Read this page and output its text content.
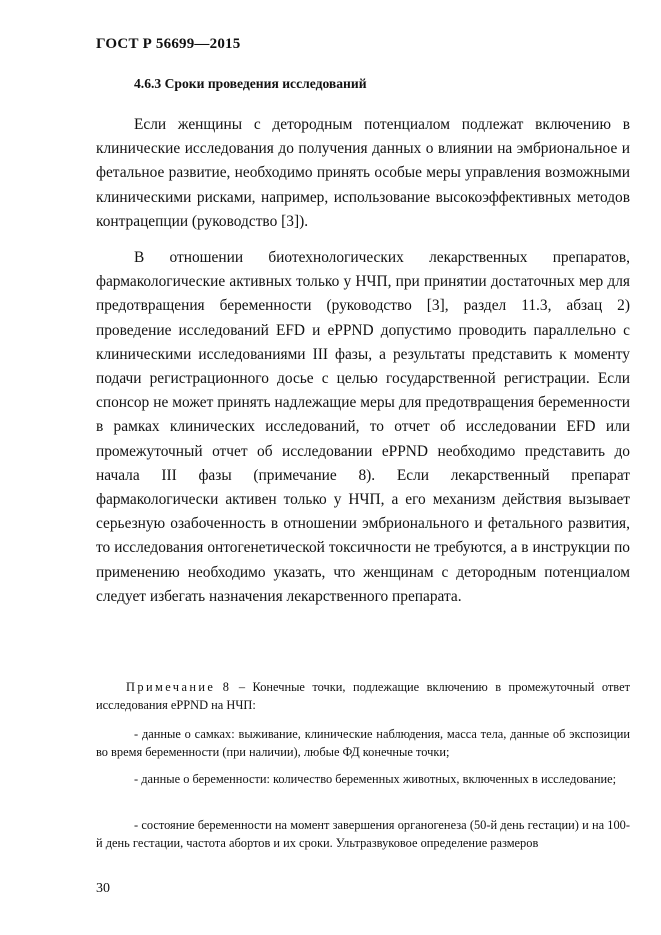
ГОСТ Р 56699—2015
4.6.3 Сроки проведения исследований

Если женщины с детородным потенциалом подлежат включению в клинические исследования до получения данных о влиянии на эмбриональное и фетальное развитие, необходимо принять особые меры управления возможными клиническими рисками, например, использование высокоэффективных методов контрацепции (руководство [3]).

В отношении биотехнологических лекарственных препаратов, фармакологические активных только у НЧП, при принятии достаточных мер для предотвращения беременности (руководство [3], раздел 11.3, абзац 2) проведение исследований EFD и ePPND допустимо проводить параллельно с клиническими исследованиями III фазы, а результаты представить к моменту подачи регистрационного досье с целью государственной регистрации. Если спонсор не может принять надлежащие меры для предотвращения беременности в рамках клинических исследований, то отчет об исследовании EFD или промежуточный отчет об исследовании ePPND необходимо представить до начала III фазы (примечание 8). Если лекарственный препарат фармакологически активен только у НЧП, а его механизм действия вызывает серьезную озабоченность в отношении эмбрионального и фетального развития, то исследования онтогенетической токсичности не требуются, а в инструкции по применению необходимо указать, что женщинам с детородным потенциалом следует избегать назначения лекарственного препарата.

Примечание 8 – Конечные точки, подлежащие включению в промежуточный ответ исследования ePPND на НЧП:

- данные о самках: выживание, клинические наблюдения, масса тела, данные об экспозиции во время беременности (при наличии), любые ФД конечные точки;

- данные о беременности: количество беременных животных, включенных в исследование;

- состояние беременности на момент завершения органогенеза (50-й день гестации) и на 100-й день гестации, частота абортов и их сроки. Ультразвуковое определение размеров

30
